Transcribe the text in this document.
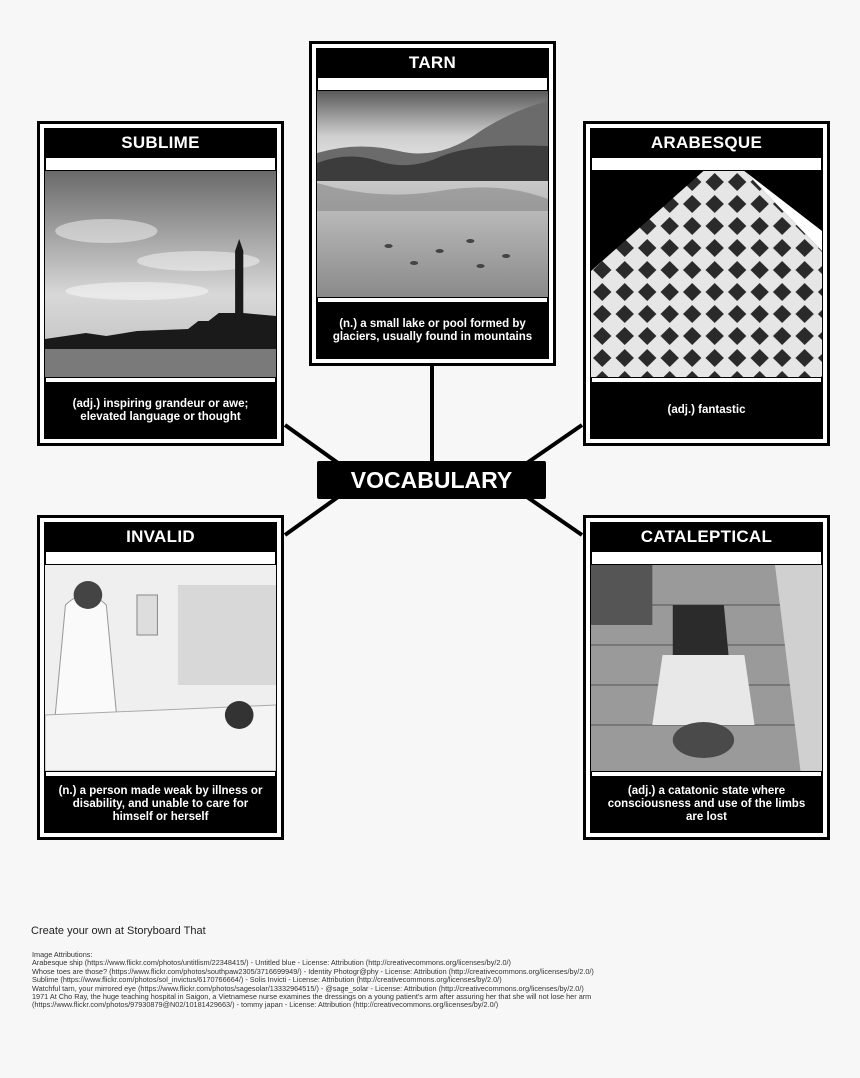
TARN
(n.) a small lake or pool formed by glaciers, usually found in mountains
SUBLIME
(adj.) inspiring grandeur or awe; elevated language or thought
ARABESQUE
(adj.) fantastic
VOCABULARY
INVALID
(n.) a person made weak by illness or disability, and unable to care for himself or herself
CATALEPTICAL
(adj.) a catatonic state where consciousness and use of the limbs are lost
Create your own at Storyboard That
Image Attributions:
Arabesque ship (https://www.flickr.com/photos/untitlism/22348415/) - Untitled blue - License: Attribution (http://creativecommons.org/licenses/by/2.0/)
Whose toes are those? (https://www.flickr.com/photos/southpaw2305/3716699949/) - Identity Photogr@phy - License: Attribution (http://creativecommons.org/licenses/by/2.0/)
Sublime (https://www.flickr.com/photos/sol_invictus/6170766664/) - Solis Invicti - License: Attribution (http://creativecommons.org/licenses/by/2.0/)
Watchful tarn, your mirrored eye (https://www.flickr.com/photos/sagesolar/13332964515/) - @sage_solar - License: Attribution (http://creativecommons.org/licenses/by/2.0/)
1971 At Cho Ray, the huge teaching hospital in Saigon, a Vietnamese nurse examines the dressings on a young patient's arm after assuring her that she will not lose her arm
(https://www.flickr.com/photos/97930879@N02/10181429663/) - tommy japan - License: Attribution (http://creativecommons.org/licenses/by/2.0/)
